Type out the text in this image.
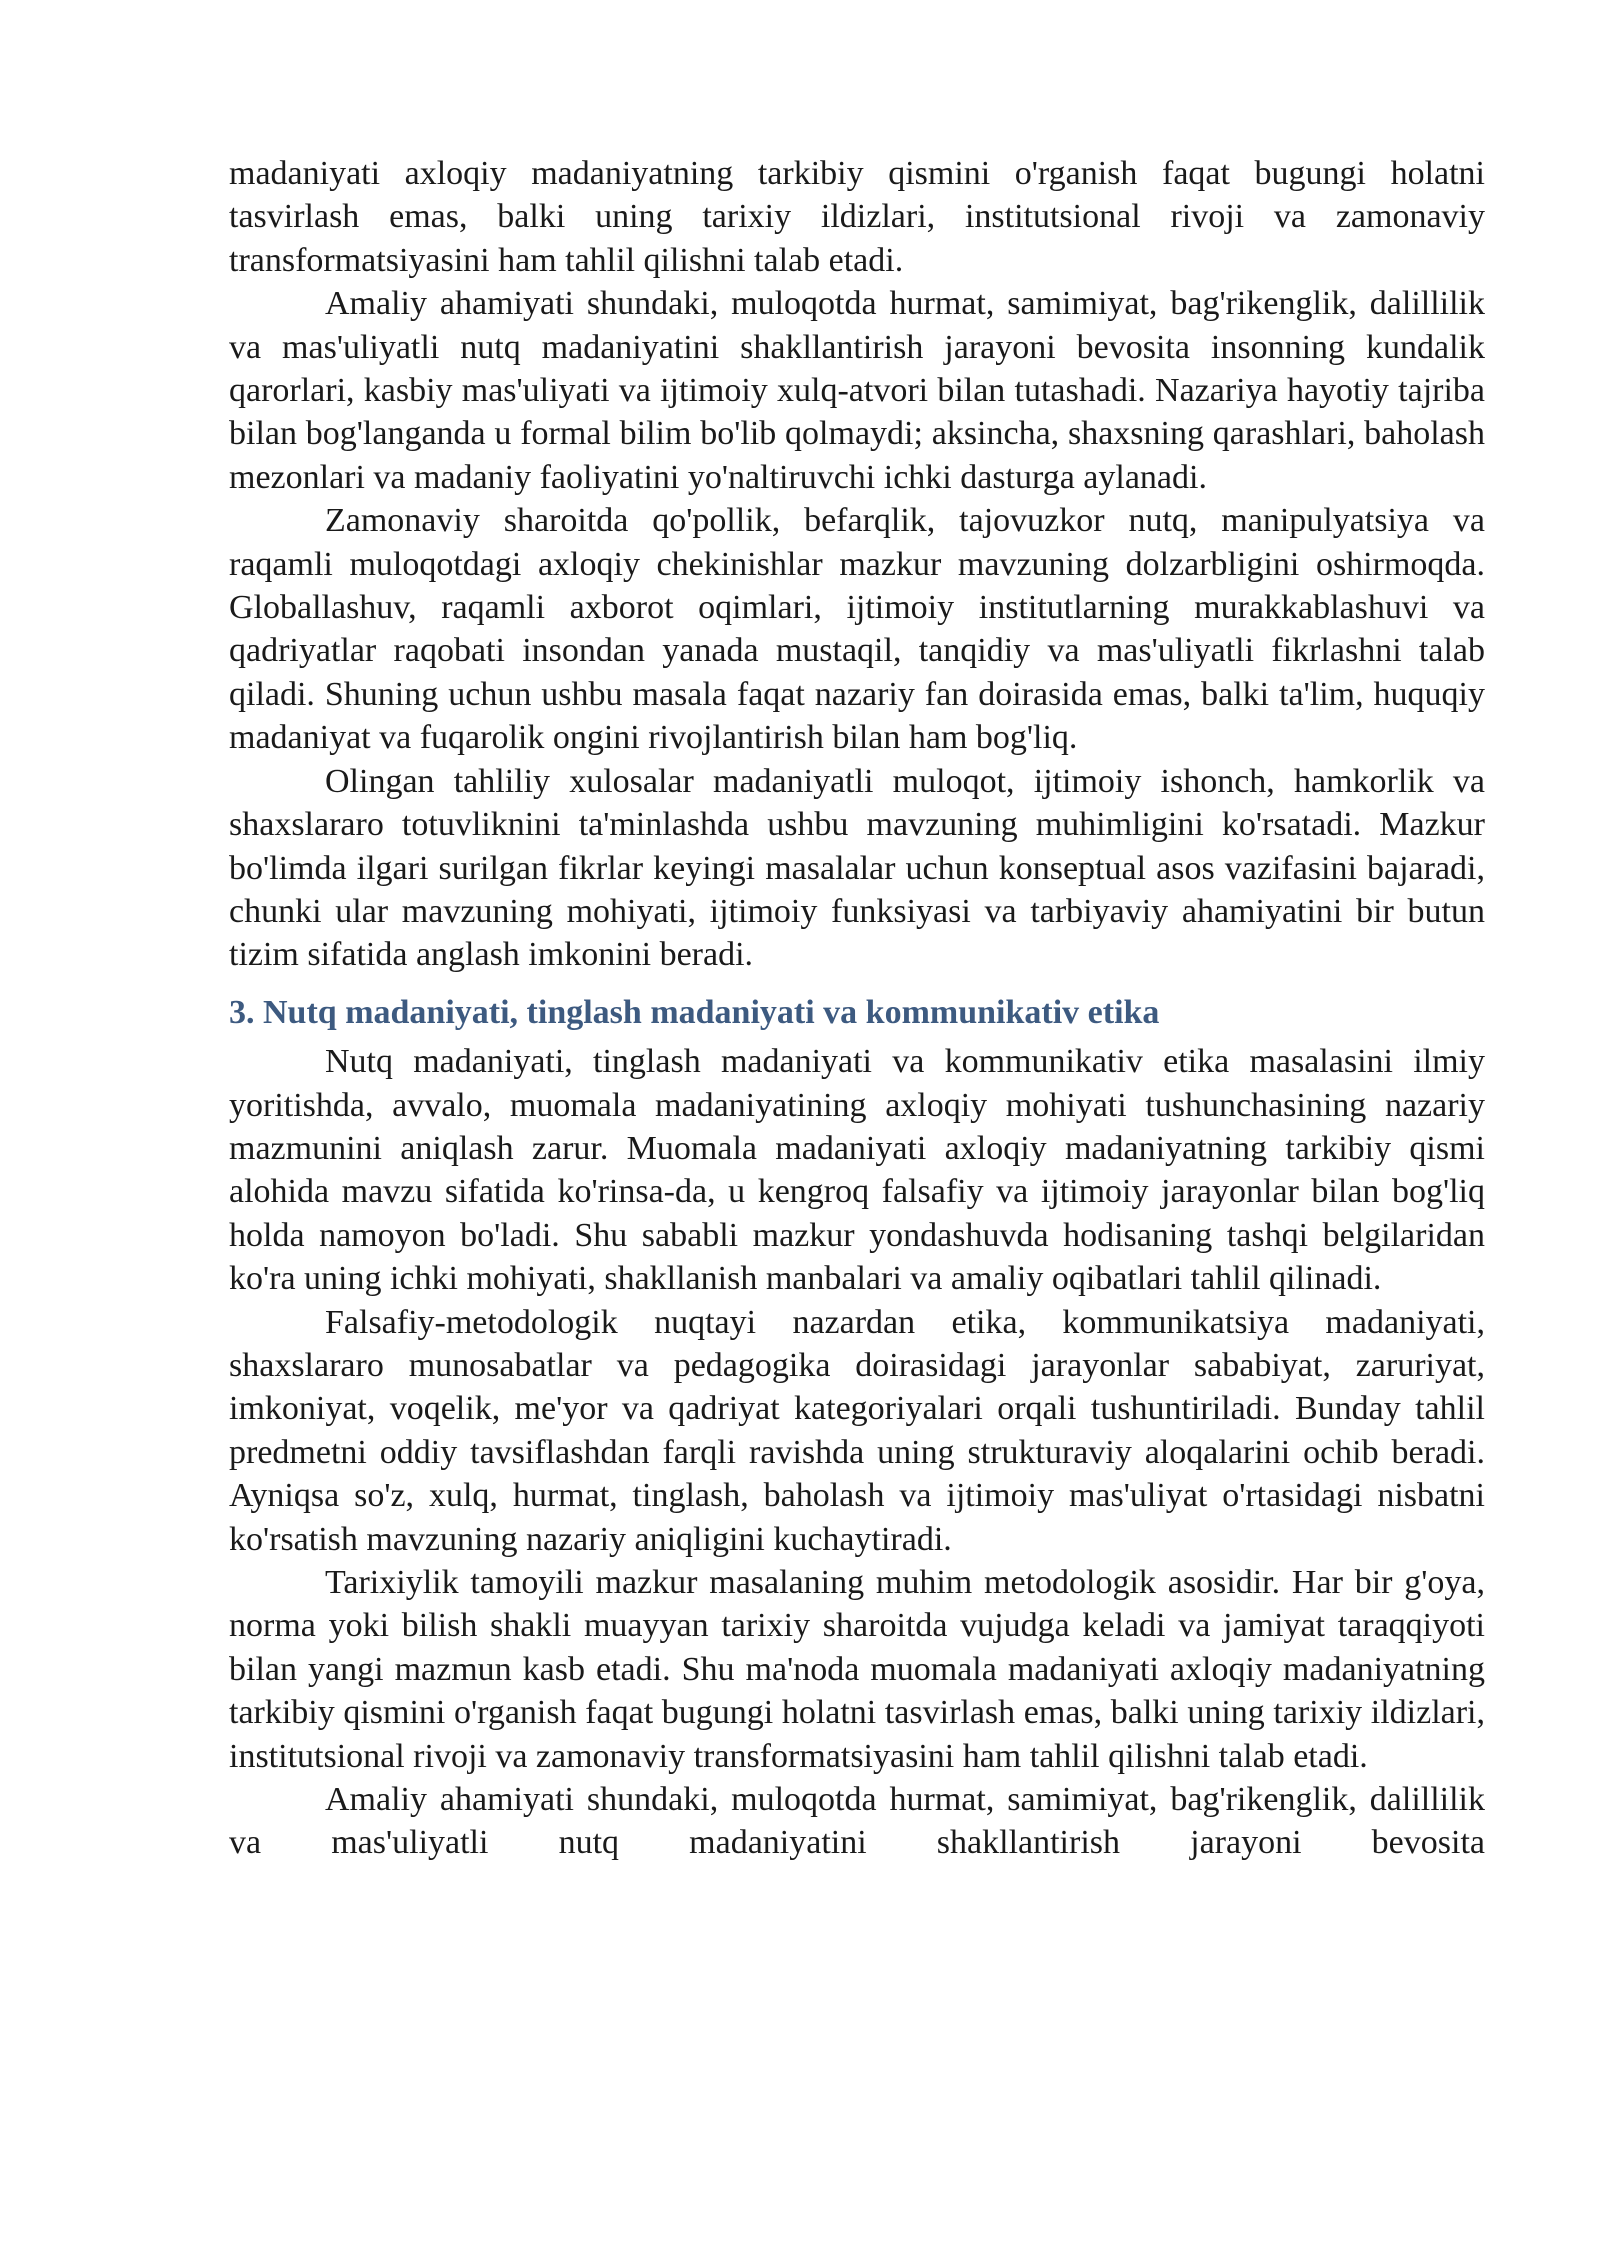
madaniyati axloqiy madaniyatning tarkibiy qismini o'rganish faqat bugungi holatni tasvirlash emas, balki uning tarixiy ildizlari, institutsional rivoji va zamonaviy transformatsiyasini ham tahlil qilishni talab etadi.

Amaliy ahamiyati shundaki, muloqotda hurmat, samimiyat, bag'rikenglik, dalillilik va mas'uliyatli nutq madaniyatini shakllantirish jarayoni bevosita insonning kundalik qarorlari, kasbiy mas'uliyati va ijtimoiy xulq-atvori bilan tutashadi. Nazariya hayotiy tajriba bilan bog'langanda u formal bilim bo'lib qolmaydi; aksincha, shaxsning qarashlari, baholash mezonlari va madaniy faoliyatini yo'naltiruvchi ichki dasturga aylanadi.

Zamonaviy sharoitda qo'pollik, befarqlik, tajovuzkor nutq, manipulyatsiya va raqamli muloqotdagi axloqiy chekinishlar mazkur mavzuning dolzarbligini oshirmoqda. Globallashuv, raqamli axborot oqimlari, ijtimoiy institutlarning murakkablashuvi va qadriyatlar raqobati insondan yanada mustaqil, tanqidiy va mas'uliyatli fikrlashni talab qiladi. Shuning uchun ushbu masala faqat nazariy fan doirasida emas, balki ta'lim, huquqiy madaniyat va fuqarolik ongini rivojlantirish bilan ham bog'liq.

Olingan tahliliy xulosalar madaniyatli muloqot, ijtimoiy ishonch, hamkorlik va shaxslararo totuvliknini ta'minlashda ushbu mavzuning muhimligini ko'rsatadi. Mazkur bo'limda ilgari surilgan fikrlar keyingi masalalar uchun konseptual asos vazifasini bajaradi, chunki ular mavzuning mohiyati, ijtimoiy funksiyasi va tarbiyaviy ahamiyatini bir butun tizim sifatida anglash imkonini beradi.

3. Nutq madaniyati, tinglash madaniyati va kommunikativ etika

Nutq madaniyati, tinglash madaniyati va kommunikativ etika masalasini ilmiy yoritishda, avvalo, muomala madaniyatining axloqiy mohiyati tushunchasining nazariy mazmunini aniqlash zarur. Muomala madaniyati axloqiy madaniyatning tarkibiy qismi alohida mavzu sifatida ko'rinsa-da, u kengroq falsafiy va ijtimoiy jarayonlar bilan bog'liq holda namoyon bo'ladi. Shu sababli mazkur yondashuvda hodisaning tashqi belgilaridan ko'ra uning ichki mohiyati, shakllanish manbalari va amaliy oqibatlari tahlil qilinadi.

Falsafiy-metodologik nuqtayi nazardan etika, kommunikatsiya madaniyati, shaxslararo munosabatlar va pedagogika doirasidagi jarayonlar sababiyat, zaruriyat, imkoniyat, voqelik, me'yor va qadriyat kategoriyalari orqali tushuntiriladi. Bunday tahlil predmetni oddiy tavsiflashdan farqli ravishda uning strukturaviy aloqalarini ochib beradi. Ayniqsa so'z, xulq, hurmat, tinglash, baholash va ijtimoiy mas'uliyat o'rtasidagi nisbatni ko'rsatish mavzuning nazariy aniqligini kuchaytiradi.

Tarixiylik tamoyili mazkur masalaning muhim metodologik asosidir. Har bir g'oya, norma yoki bilish shakli muayyan tarixiy sharoitda vujudga keladi va jamiyat taraqqiyoti bilan yangi mazmun kasb etadi. Shu ma'noda muomala madaniyati axloqiy madaniyatning tarkibiy qismini o'rganish faqat bugungi holatni tasvirlash emas, balki uning tarixiy ildizlari, institutsional rivoji va zamonaviy transformatsiyasini ham tahlil qilishni talab etadi.

Amaliy ahamiyati shundaki, muloqotda hurmat, samimiyat, bag'rikenglik, dalillilik va mas'uliyatli nutq madaniyatini shakllantirish jarayoni bevosita
